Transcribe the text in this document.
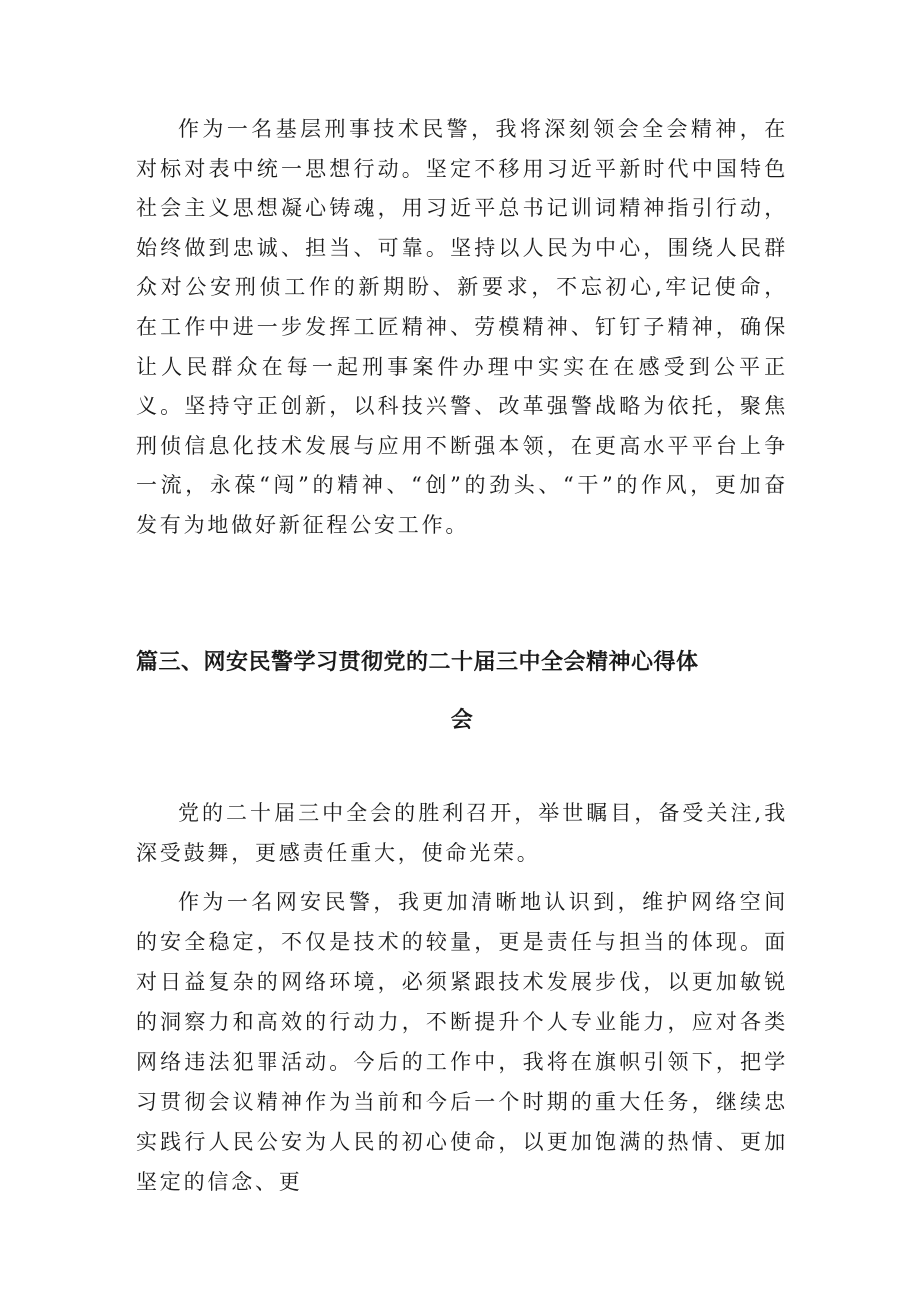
作为一名基层刑事技术民警，我将深刻领会全会精神，在对标对表中统一思想行动。坚定不移用习近平新时代中国特色社会主义思想凝心铸魂，用习近平总书记训词精神指引行动，始终做到忠诚、担当、可靠。坚持以人民为中心，围绕人民群众对公安刑侦工作的新期盼、新要求，不忘初心,牢记使命，在工作中进一步发挥工匠精神、劳模精神、钉钉子精神，确保让人民群众在每一起刑事案件办理中实实在在感受到公平正义。坚持守正创新，以科技兴警、改革强警战略为依托，聚焦刑侦信息化技术发展与应用不断强本领，在更高水平平台上争一流，永葆“闯”的精神、“创”的劲头、“干”的作风，更加奋发有为地做好新征程公安工作。

篇三、网安民警学习贯彻党的二十届三中全会精神心得体
会

党的二十届三中全会的胜利召开，举世瞩目，备受关注,我深受鼓舞，更感责任重大，使命光荣。

作为一名网安民警，我更加清晰地认识到，维护网络空间的安全稳定，不仅是技术的较量，更是责任与担当的体现。面对日益复杂的网络环境，必须紧跟技术发展步伐，以更加敏锐的洞察力和高效的行动力，不断提升个人专业能力，应对各类网络违法犯罪活动。今后的工作中，我将在旗帜引领下，把学习贯彻会议精神作为当前和今后一个时期的重大任务，继续忠实践行人民公安为人民的初心使命，以更加饱满的热情、更加坚定的信念、更
